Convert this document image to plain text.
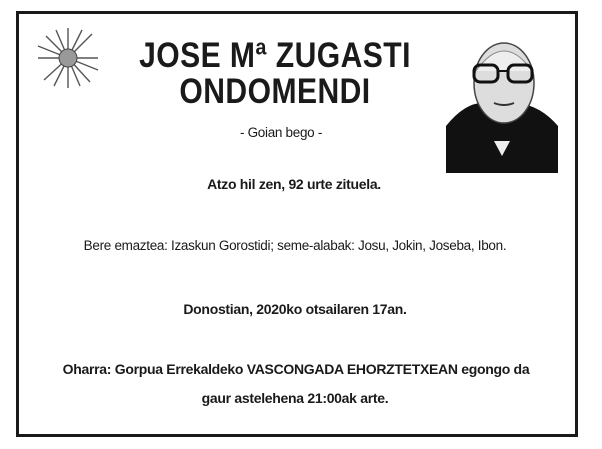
JOSE Mª ZUGASTI
ONDOMENDI
- Goian bego -
Atzo hil zen, 92 urte zituela.
Bere emaztea: Izaskun Gorostidi; seme-alabak: Josu, Jokin, Joseba, Ibon.
Donostian, 2020ko otsailaren 17an.
Oharra: Gorpua Errekaldeko VASCONGADA EHORZTETXEAN egongo da
gaur astelehena 21:00ak arte.
